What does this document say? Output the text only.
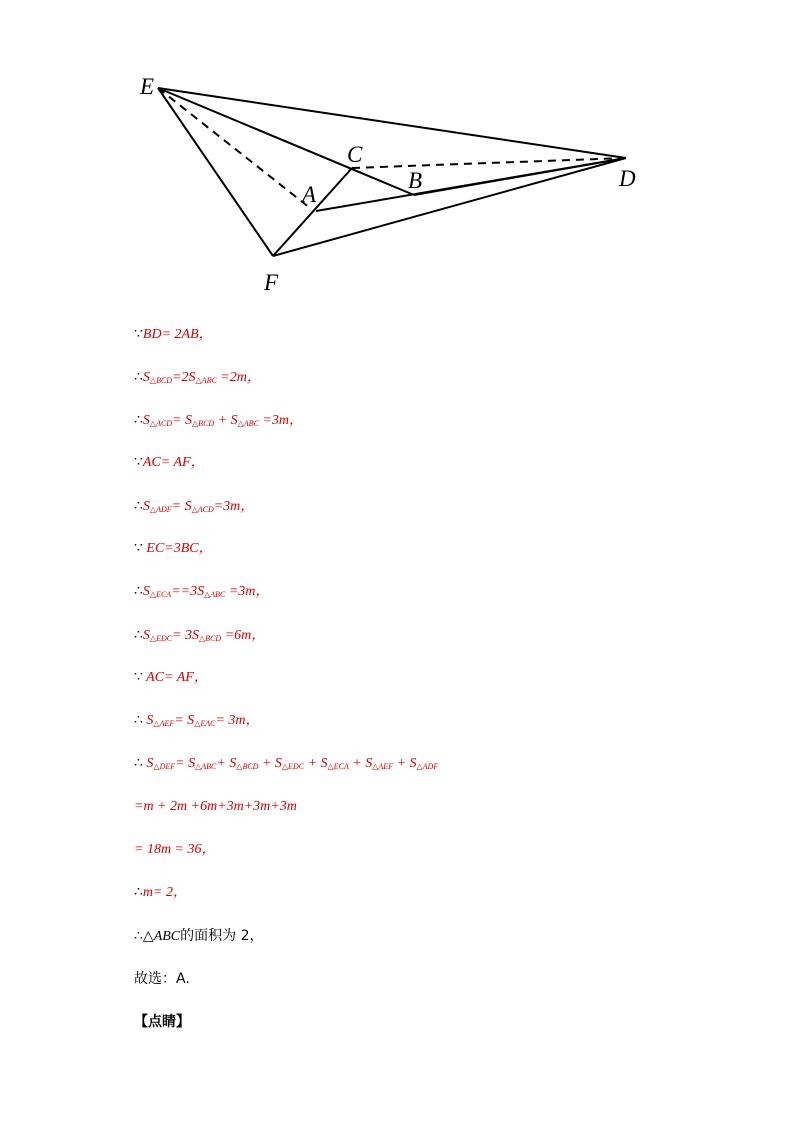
E
C
A
B	D
F
∵BD= 2AB，
∴S△BCD=2S△ABC =2m，
∴S△ACD= S△BCD + S△ABC =3m，
∵AC= AF，
∴S△ADF= S△ACD=3m，
∵ EC=3BC，
∴S△ECA==3S△ABC =3m，
∴S△EDC= 3S△BCD =6m，
∵ AC= AF，
∴ S△AEF= S△EAC= 3m，
∴ S△DEF= S△ABC+ S△BCD + S△EDC + S△ECA + S△AEF + S△ADF
=m + 2m +6m+3m+3m+3m
= 18m = 36，
∴m= 2，
∴△ABC的面积为 2，
故选：A.
【点睛】
